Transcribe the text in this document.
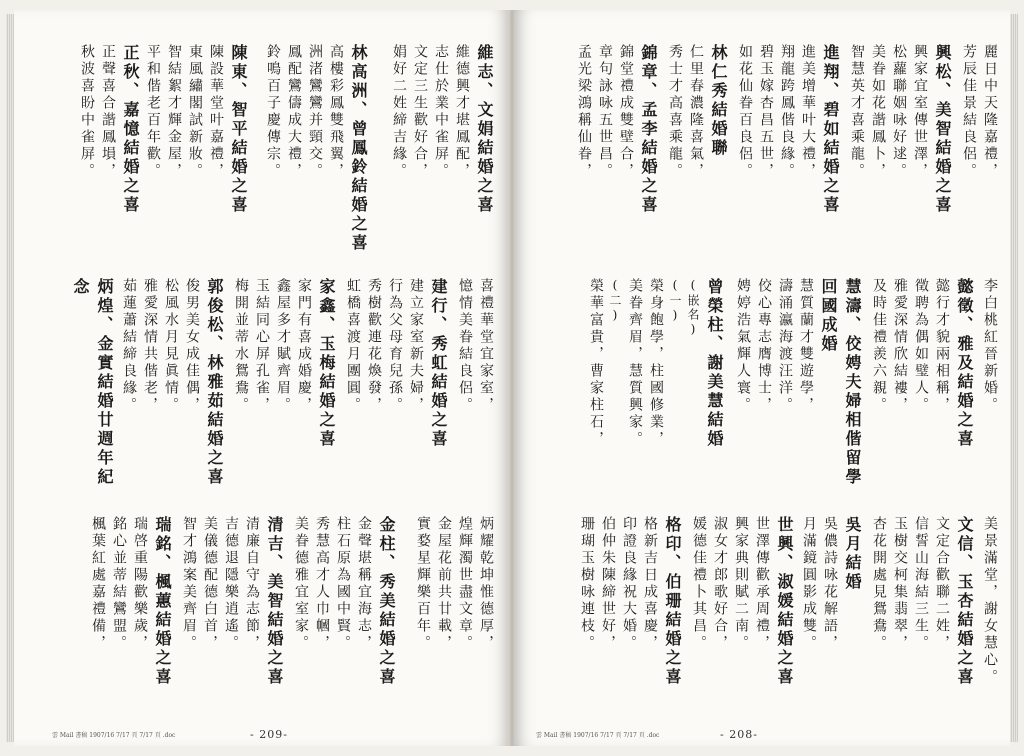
維志、文娟結婚之喜
維德興才堪鳳配，
志仕於業中雀屏。
文定三生歡好合，
娟好二姓締吉緣。
林高洲、曾鳳鈴結婚之喜
高樓彩鳳雙飛翼，
洲渚鸞鸞并頸交。
鳳配鸞儔成大禮，
鈴鳴百子慶傳宗。
陳東、智平結婚之喜
陳設華堂叶嘉禮，
東風繡閣試新妝。
智結絮才輝金屋，
平和偕老百年歡。
正秋、嘉憶結婚之喜
正聲喜合諧鳳塤，
秋波喜盼中雀屏。
喜禮華堂宜家室，
憶情美眷結良侶。
建行、秀虹結婚之喜
建立家室新夫婦，
行為父母育兒孫。
秀樹歡連花煥發，
虹橋喜渡月團圓。
家鑫、玉梅結婚之喜
家門有喜成婚慶，
鑫屋多才賦齊眉。
玉結同心屏孔雀，
梅開並蒂水鴛鴦。
郭俊松、林雅茹結婚之喜
俊男美女成佳偶，
松風水月見眞情。
雅愛深情共偕老，
茹蓮蕭結締良緣。
炳煌、金實結婚廿週年紀念
炳耀乾坤惟德厚，
煌輝濁世盡文章。
金屋花前共廿載，
實婺星輝樂百年。
金柱、秀美結婚之喜
金聲堪稱宜海志，
柱石原為國中賢。
秀慧高才人巾幗，
美眷德雅宜室家。
清吉、美智結婚之喜
清廉自守為志節，
吉德退隱樂逍遙。
美儀德配德白首，
智才鴻案美齊眉。
瑞銘、楓蕙結婚之喜
瑞啓重陽歡樂歲，
銘心並蒂結鸞盟。
楓葉紅處嘉禮備，
雲 Mail 書稿 1907/16 7/17 頁 7/17 頁 .doc	- 209-
麗日中天隆嘉禮，
芳辰佳景結良侶。
興松、美智結婚之喜
興家宜室傳世澤，
松蘿聯姻咏好逑。
美眷如花諧鳳卜，
智慧英才喜乘龍。
進翔、碧如結婚之喜
進美增華叶大禮，
翔龍跨鳳偕良緣。
碧玉嫁杏昌五世，
如花仙眷百良侶。
林仁秀結婚聯
仁里春濃隆喜氣，
秀士才高喜乘龍。
錦章、孟李結婚之喜
錦堂禮成雙壁合，
章句詠咏五世昌。
孟光梁鴻稱仙眷，
李白桃紅晉新婚。
懿徵、雅及結婚之喜
懿行才貌兩相稱，
徵聘為偶如璧人。
雅愛深情欣結褸，
及時佳禮羨六親。
慧濤、佼娉夫婦相偕留學回國成婚
慧質蘭才雙遊學，
濤涌瀛海渡汪洋。
佼心專志膺博士，
娉婷浩氣輝人寰。
曾榮柱、謝美慧結婚
(嵌名)
(一)
榮身飽學，柱國修業，
美眷齊眉，慧質興家。
(二)
榮華富貴，曹家柱石，
美景滿堂，謝女慧心。
文信、玉杏結婚之喜
文定合歡聯二姓，
信誓山海結三生。
玉樹交柯集翡翠，
杏花開處見鴛鴦。
吳月結婚
吳儂詩咏花解語，
月滿鏡圓影成雙。
世興、淑媛結婚之喜
世澤傳歡承周禮，
興家典則賦二南。
淑女才郎歌好合，
媛德佳禮卜其昌。
格印、伯珊結婚之喜
格新吉日成喜慶，
印證良緣祝大婚。
伯仲朱陳締世好，
珊瑚玉樹咏連枝。
雲 Mail 書稿 1907/16 7/17 頁 7/17 頁 .doc	- 208-
